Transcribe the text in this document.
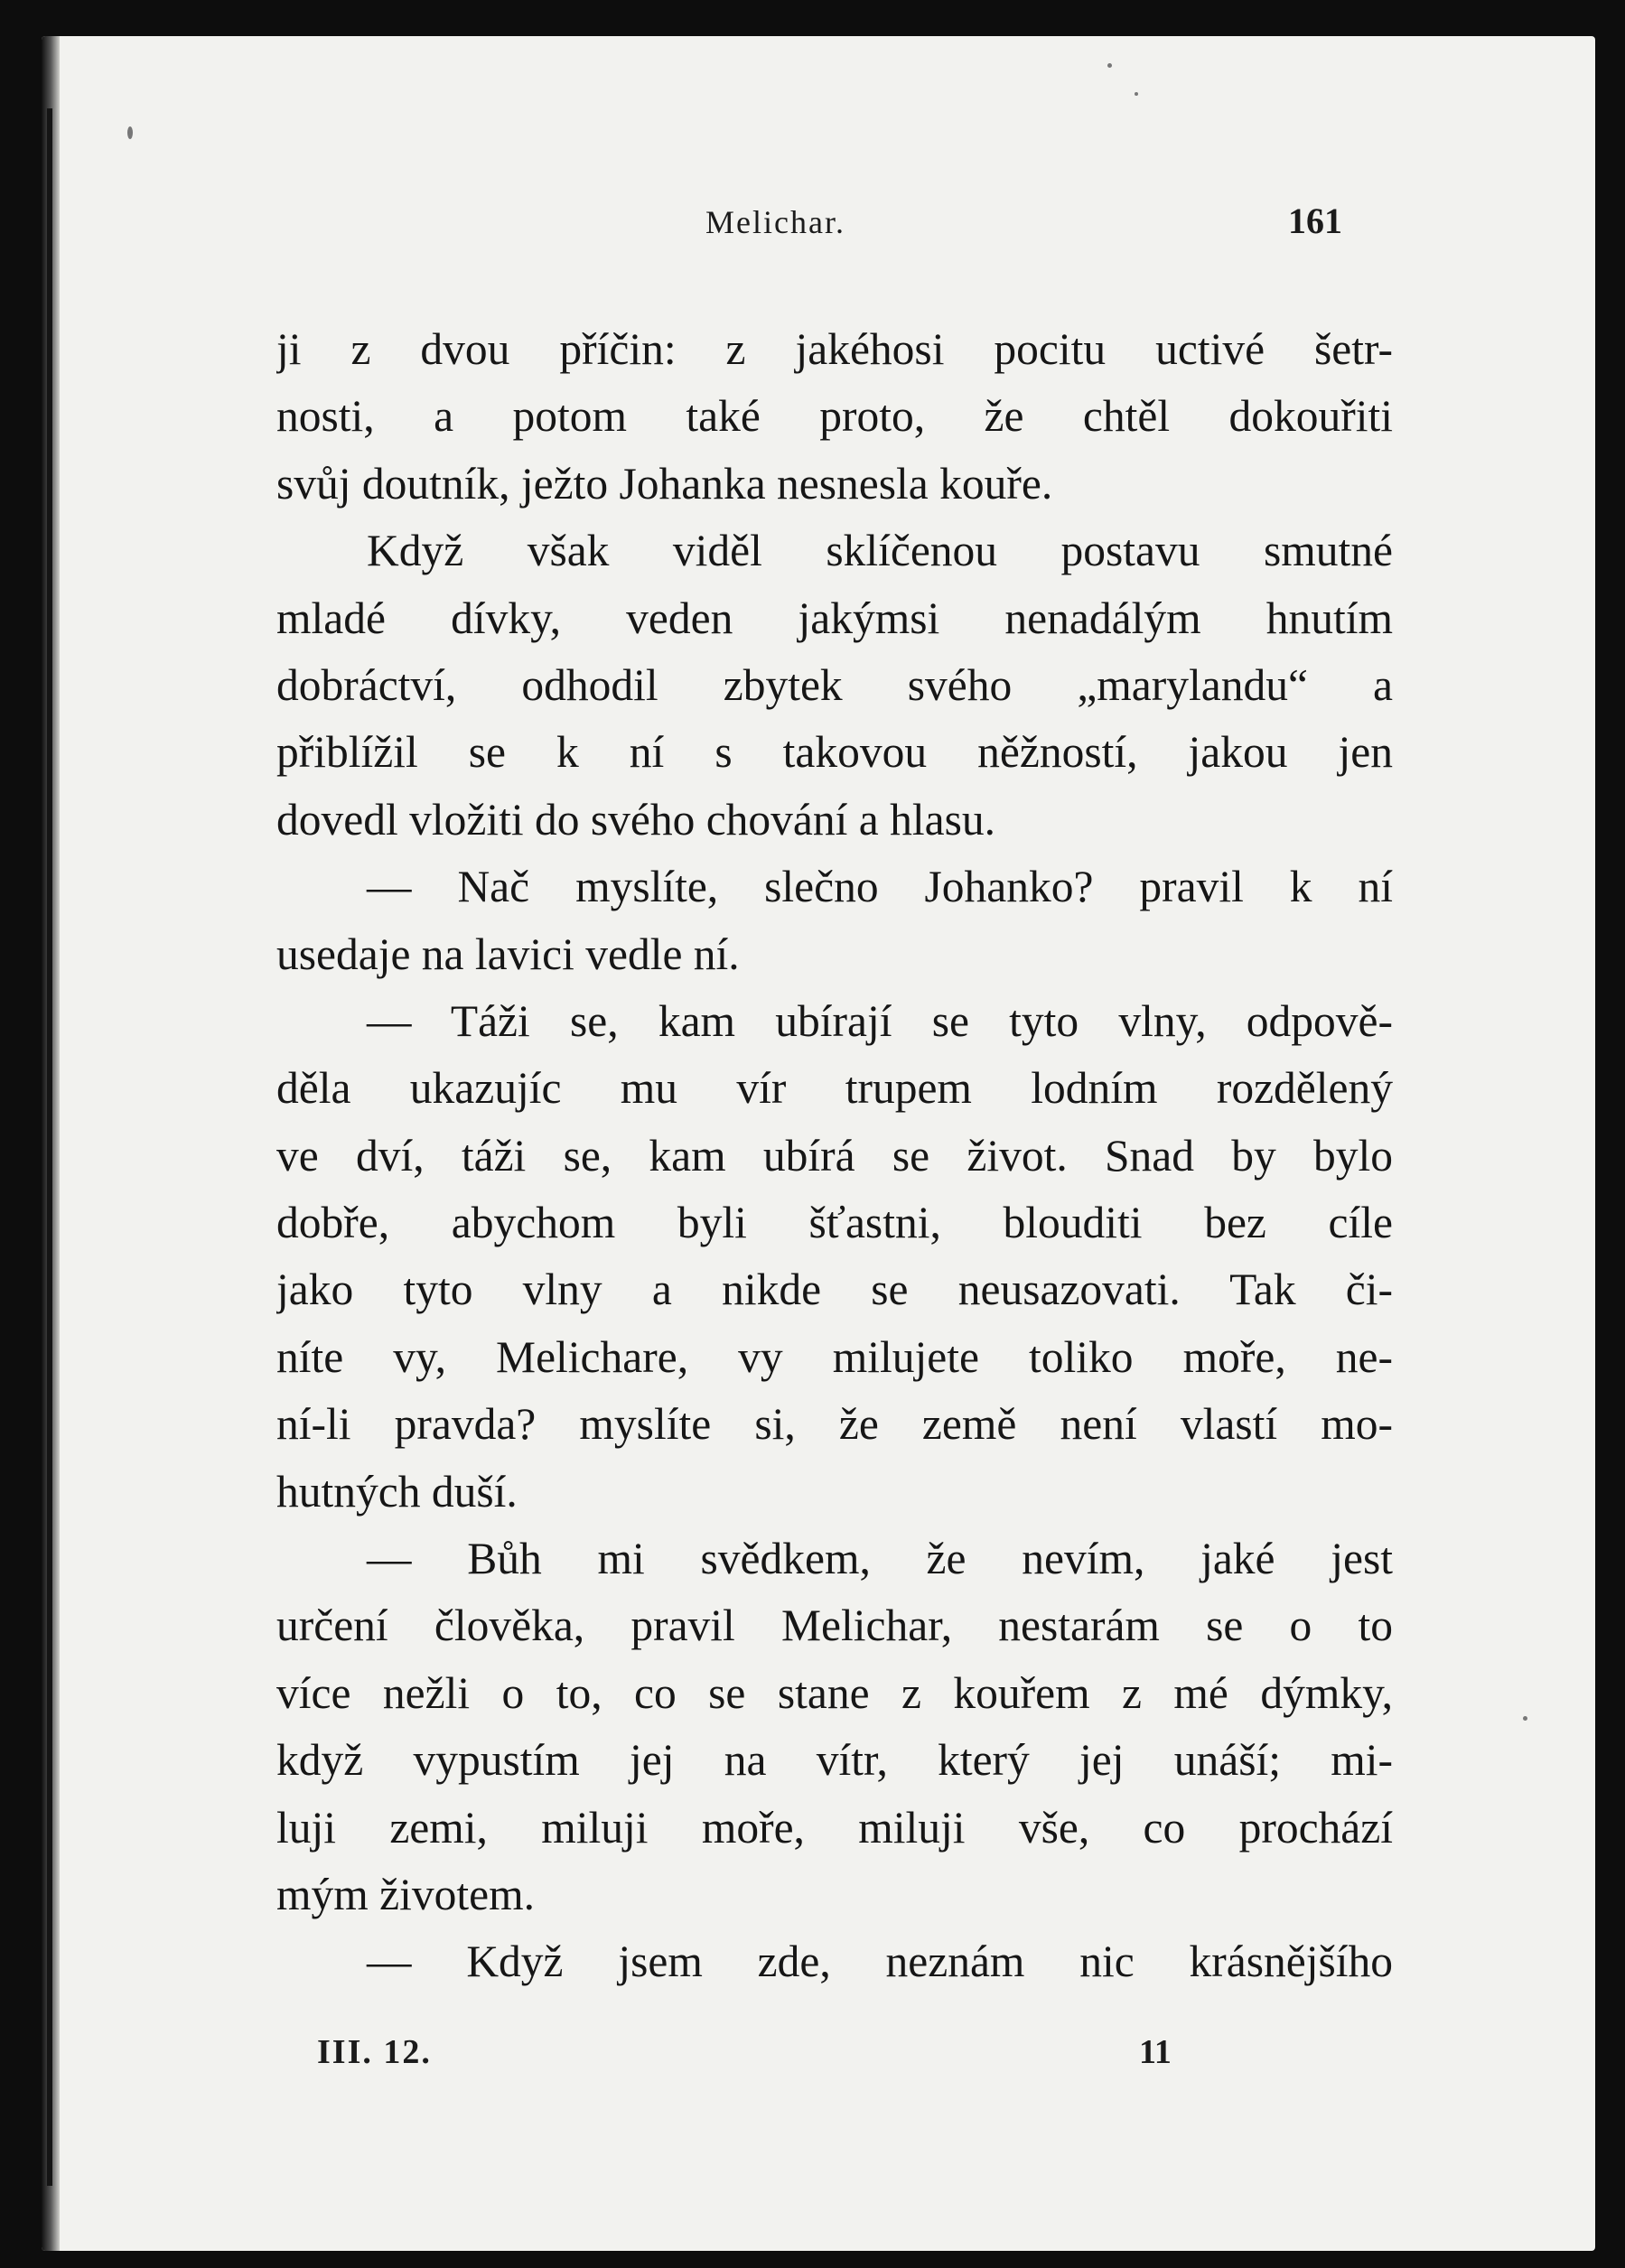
Melichar.	161
ji z dvou příčin: z jakéhosi pocitu uctivé šetr-
nosti, a potom také proto, že chtěl dokouřiti
svůj doutník, ježto Johanka nesnesla kouře.
Když však viděl sklíčenou postavu smutné
mladé dívky, veden jakýmsi nenadálým hnutím
dobráctví, odhodil zbytek svého „marylandu“ a
přiblížil se k ní s takovou něžností, jakou jen
dovedl vložiti do svého chování a hlasu.
— Nač myslíte, slečno Johanko? pravil k ní
usedaje na lavici vedle ní.
— Táži se, kam ubírají se tyto vlny, odpově-
děla ukazujíc mu vír trupem lodním rozdělený
ve dví, táži se, kam ubírá se život. Snad by bylo
dobře, abychom byli šťastni, blouditi bez cíle
jako tyto vlny a nikde se neusazovati. Tak či-
níte vy, Melichare, vy milujete toliko moře, ne-
ní-li pravda? myslíte si, že země není vlastí mo-
hutných duší.
— Bůh mi svědkem, že nevím, jaké jest
určení člověka, pravil Melichar, nestarám se o to
více nežli o to, co se stane z kouřem z mé dýmky,
když vypustím jej na vítr, který jej unáší; mi-
luji zemi, miluji moře, miluji vše, co prochází
mým životem.
— Když jsem zde, neznám nic krásnějšího
III. 12.	11
